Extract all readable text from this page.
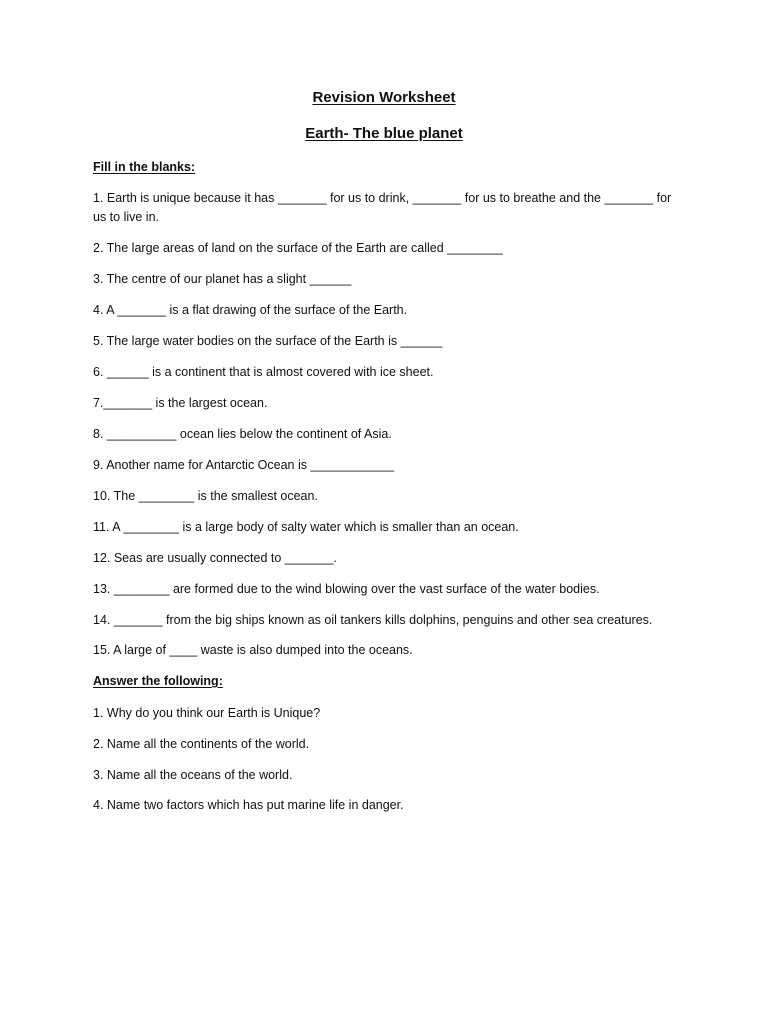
Revision Worksheet
Earth- The blue planet
Fill in the blanks:
1. Earth is unique because it has _______ for us to drink, _______ for us to breathe and the _______ for us to live in.
2. The large areas of land on the surface of the Earth are called ________
3. The centre of our planet has a slight ______
4. A _______ is a flat drawing of the surface of the Earth.
5. The large water bodies on the surface of the Earth is ______
6. ______ is a continent that is almost covered with ice sheet.
7._______ is the largest ocean.
8. __________ ocean lies below the continent of Asia.
9. Another name for Antarctic Ocean is ____________
10. The ________ is the smallest ocean.
11. A ________ is a large body of salty water which is smaller than an ocean.
12. Seas are usually connected to _______.
13. ________ are formed due to the wind blowing over the vast surface of the water bodies.
14. _______ from the big ships known as oil tankers kills dolphins, penguins and other sea creatures.
15. A large of ____ waste is also dumped into the oceans.
Answer the following:
1. Why do you think our Earth is Unique?
2. Name all the continents of the world.
3. Name all the oceans of the world.
4. Name two factors which has put marine life in danger.
